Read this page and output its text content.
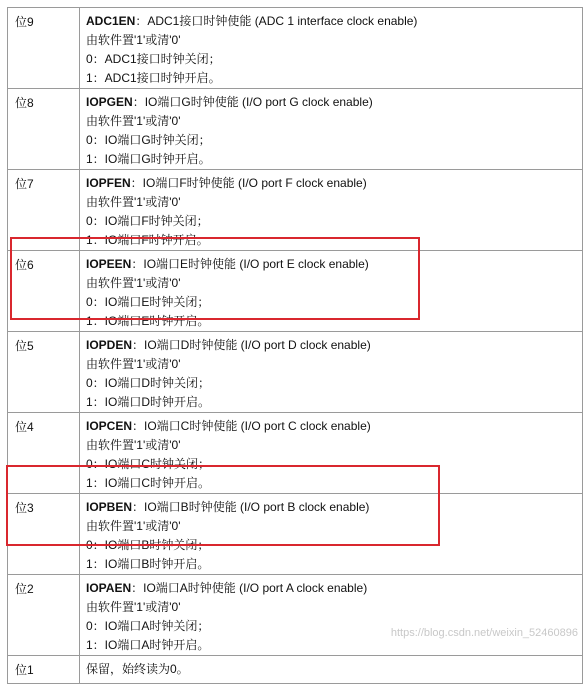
位9	ADC1EN：ADC1接口时钟使能 (ADC 1 interface clock enable)
由软件置'1'或清'0'
0：ADC1接口时钟关闭；
1：ADC1接口时钟开启。

位8	IOPGEN：IO端口G时钟使能 (I/O port G clock enable)
由软件置'1'或清'0'
0：IO端口G时钟关闭；
1：IO端口G时钟开启。

位7	IOPFEN：IO端口F时钟使能 (I/O port F clock enable)
由软件置'1'或清'0'
0：IO端口F时钟关闭；
1：IO端口F时钟开启。

位6	IOPEEN：IO端口E时钟使能 (I/O port E clock enable)
由软件置'1'或清'0'
0：IO端口E时钟关闭；
1：IO端口E时钟开启。

位5	IOPDEN：IO端口D时钟使能 (I/O port D clock enable)
由软件置'1'或清'0'
0：IO端口D时钟关闭；
1：IO端口D时钟开启。

位4	IOPCEN：IO端口C时钟使能 (I/O port C clock enable)
由软件置'1'或清'0'
0：IO端口C时钟关闭；
1：IO端口C时钟开启。

位3	IOPBEN：IO端口B时钟使能 (I/O port B clock enable)
由软件置'1'或清'0'
0：IO端口B时钟关闭；
1：IO端口B时钟开启。

位2	IOPAEN：IO端口A时钟使能 (I/O port A clock enable)
由软件置'1'或清'0'
0：IO端口A时钟关闭；
1：IO端口A时钟开启。

位1	保留，始终读为0。
https://blog.csdn.net/weixin_52460896
